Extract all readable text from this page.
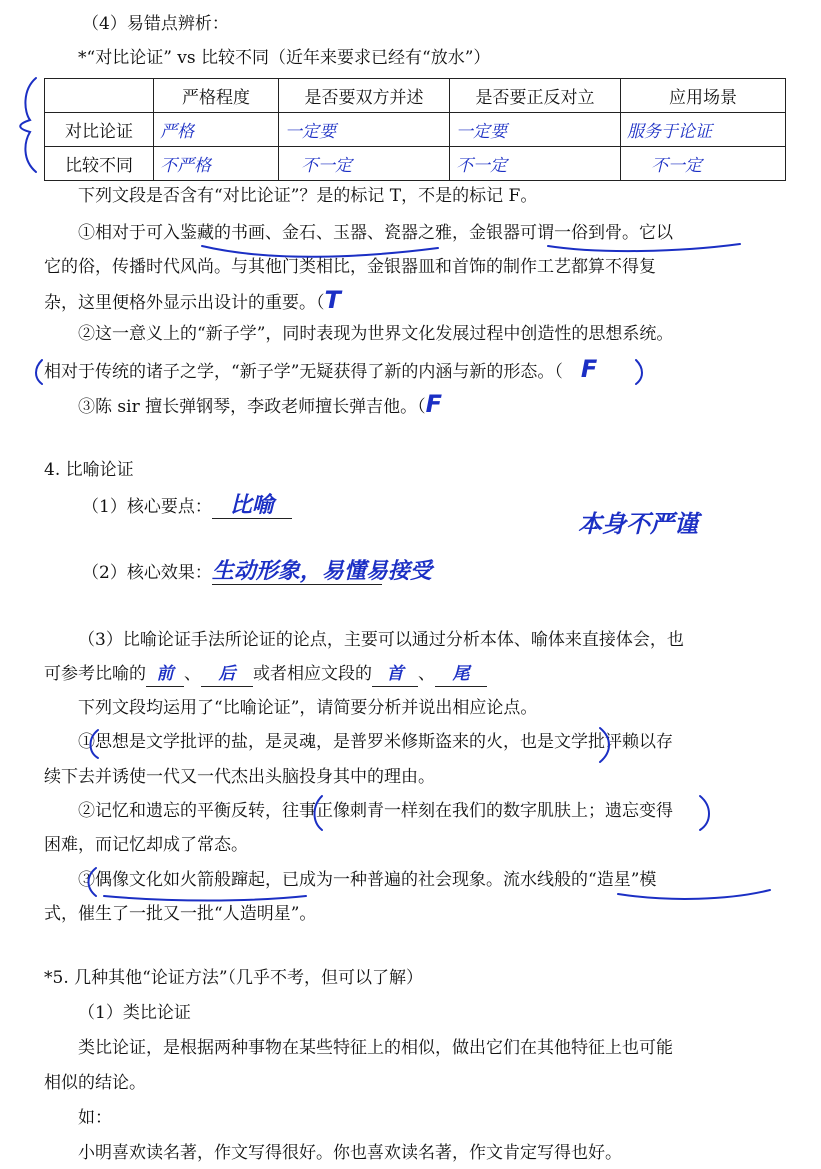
（4）易错点辨析：
*“对比论证” vs 比较不同（近年来要求已经有“放水”）
	严格程度	是否要双方并述	是否要正反对立	应用场景
对比论证	严格	一定要	一定要	服务于论证
比较不同	不严格	不一定	不一定	不一定
下列文段是否含有“对比论证”？是的标记 T，不是的标记 F。
①相对于可入鉴藏的书画、金石、玉器、瓷器之雅，金银器可谓一俗到骨。它以
它的俗，传播时代风尚。与其他门类相比，金银器皿和首饰的制作工艺都算不得复
杂，这里便格外显示出设计的重要。（T
②这一意义上的“新子学”，同时表现为世界文化发展过程中创造性的思想系统。
相对于传统的诸子之学，“新子学”无疑获得了新的内涵与新的形态。（ F
③陈 sir 擅长弹钢琴，李政老师擅长弹吉他。（F
4. 比喻论证
（1）核心要点： 比喻
本身不严谨
（2）核心效果：生动形象，易懂易接受
（3）比喻论证手法所论证的论点，主要可以通过分析本体、喻体来直接体会，也
可参考比喻的 前 、 后 或者相应文段的 首 、 尾
下列文段均运用了“比喻论证”，请简要分析并说出相应论点。
①思想是文学批评的盐，是灵魂，是普罗米修斯盗来的火，也是文学批评赖以存
续下去并诱使一代又一代杰出头脑投身其中的理由。
②记忆和遗忘的平衡反转，往事正像刺青一样刻在我们的数字肌肤上；遗忘变得
困难，而记忆却成了常态。
③偶像文化如火箭般蹿起，已成为一种普遍的社会现象。流水线般的“造星”模
式，催生了一批又一批“人造明星”。
*5. 几种其他“论证方法”（几乎不考，但可以了解）
（1）类比论证
类比论证，是根据两种事物在某些特征上的相似，做出它们在其他特征上也可能
相似的结论。
如：
小明喜欢读名著，作文写得很好。你也喜欢读名著，作文肯定写得也好。
